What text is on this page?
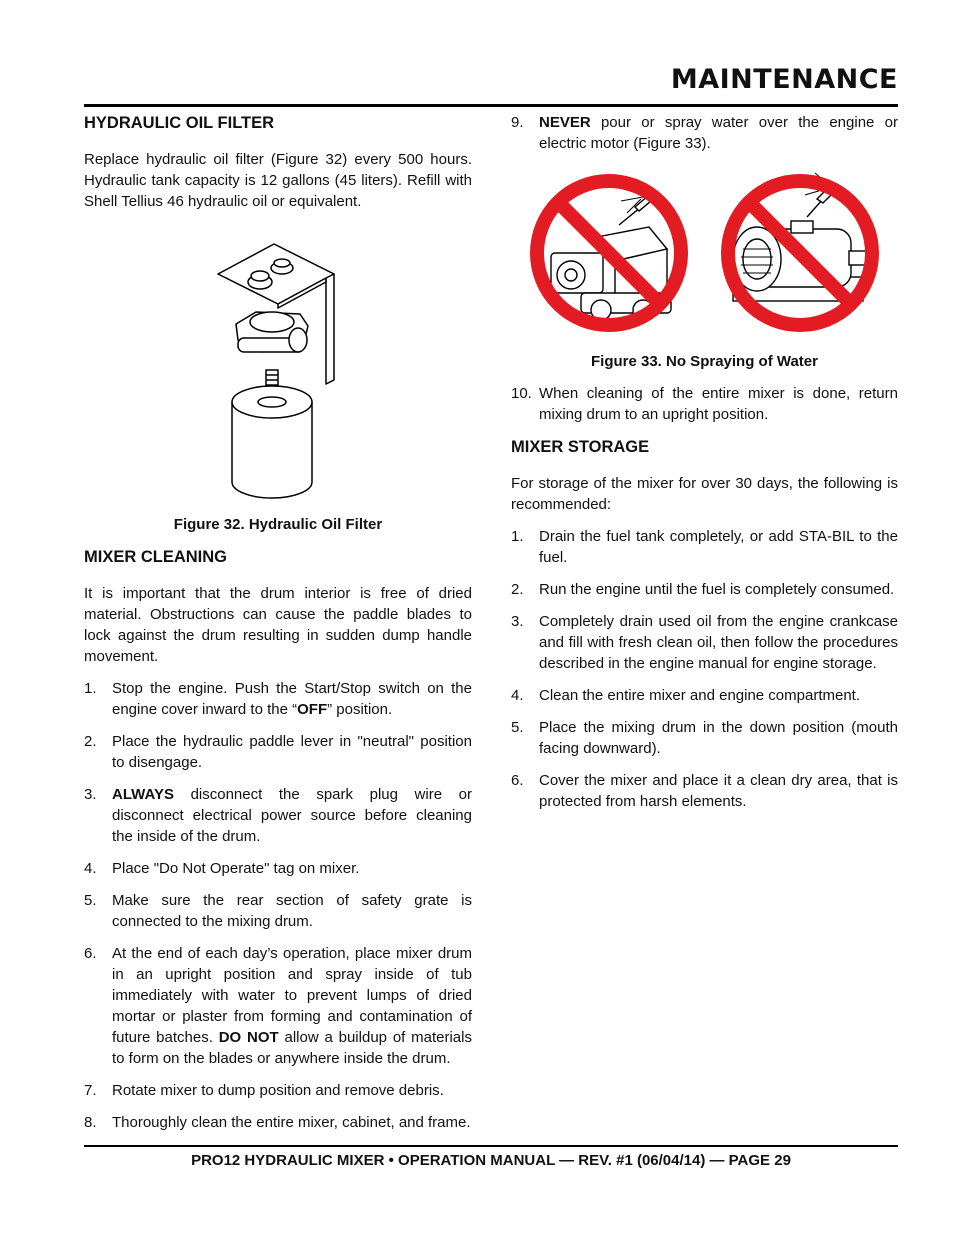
MAINTENANCE
HYDRAULIC OIL FILTER

Replace hydraulic oil filter (Figure 32) every 500 hours. Hydraulic tank capacity is 12 gallons (45 liters). Refill with Shell Tellius 46 hydraulic oil or equivalent.

Figure 32. Hydraulic Oil Filter
MIXER CLEANING

It is important that the drum interior is free of dried material. Obstructions can cause the paddle blades to lock against the drum resulting in sudden dump handle movement.

1. Stop the engine. Push the Start/Stop switch on the engine cover inward to the “OFF” position.
2. Place the hydraulic paddle lever in "neutral" position to disengage.
3. ALWAYS disconnect the spark plug wire or disconnect electrical power source before cleaning the inside of the drum.
4. Place "Do Not Operate" tag on mixer.
5. Make sure the rear section of safety grate is connected to the mixing drum.
6. At the end of each day’s operation, place mixer drum in an upright position and spray inside of tub immediately with water to prevent lumps of dried mortar or plaster from forming and contamination of future batches. DO NOT allow a buildup of materials to form on the blades or anywhere inside the drum.
7. Rotate mixer to dump position and remove debris.
8. Thoroughly clean the entire mixer, cabinet, and frame.
9. NEVER pour or spray water over the engine or electric motor (Figure 33).
Figure 33. No Spraying of Water
10. When cleaning of the entire mixer is done, return mixing drum to an upright position.
MIXER STORAGE

For storage of the mixer for over 30 days, the following is recommended:

1. Drain the fuel tank completely, or add STA-BIL to the fuel.
2. Run the engine until the fuel is completely consumed.
3. Completely drain used oil from the engine crankcase and fill with fresh clean oil, then follow the procedures described in the engine manual for engine storage.
4. Clean the entire mixer and engine compartment.
5. Place the mixing drum in the down position (mouth facing downward).
6. Cover the mixer and place it a clean dry area, that is protected from harsh elements.
PRO12 HYDRAULIC MIXER • OPERATION MANUAL — REV. #1 (06/04/14) — PAGE 29
